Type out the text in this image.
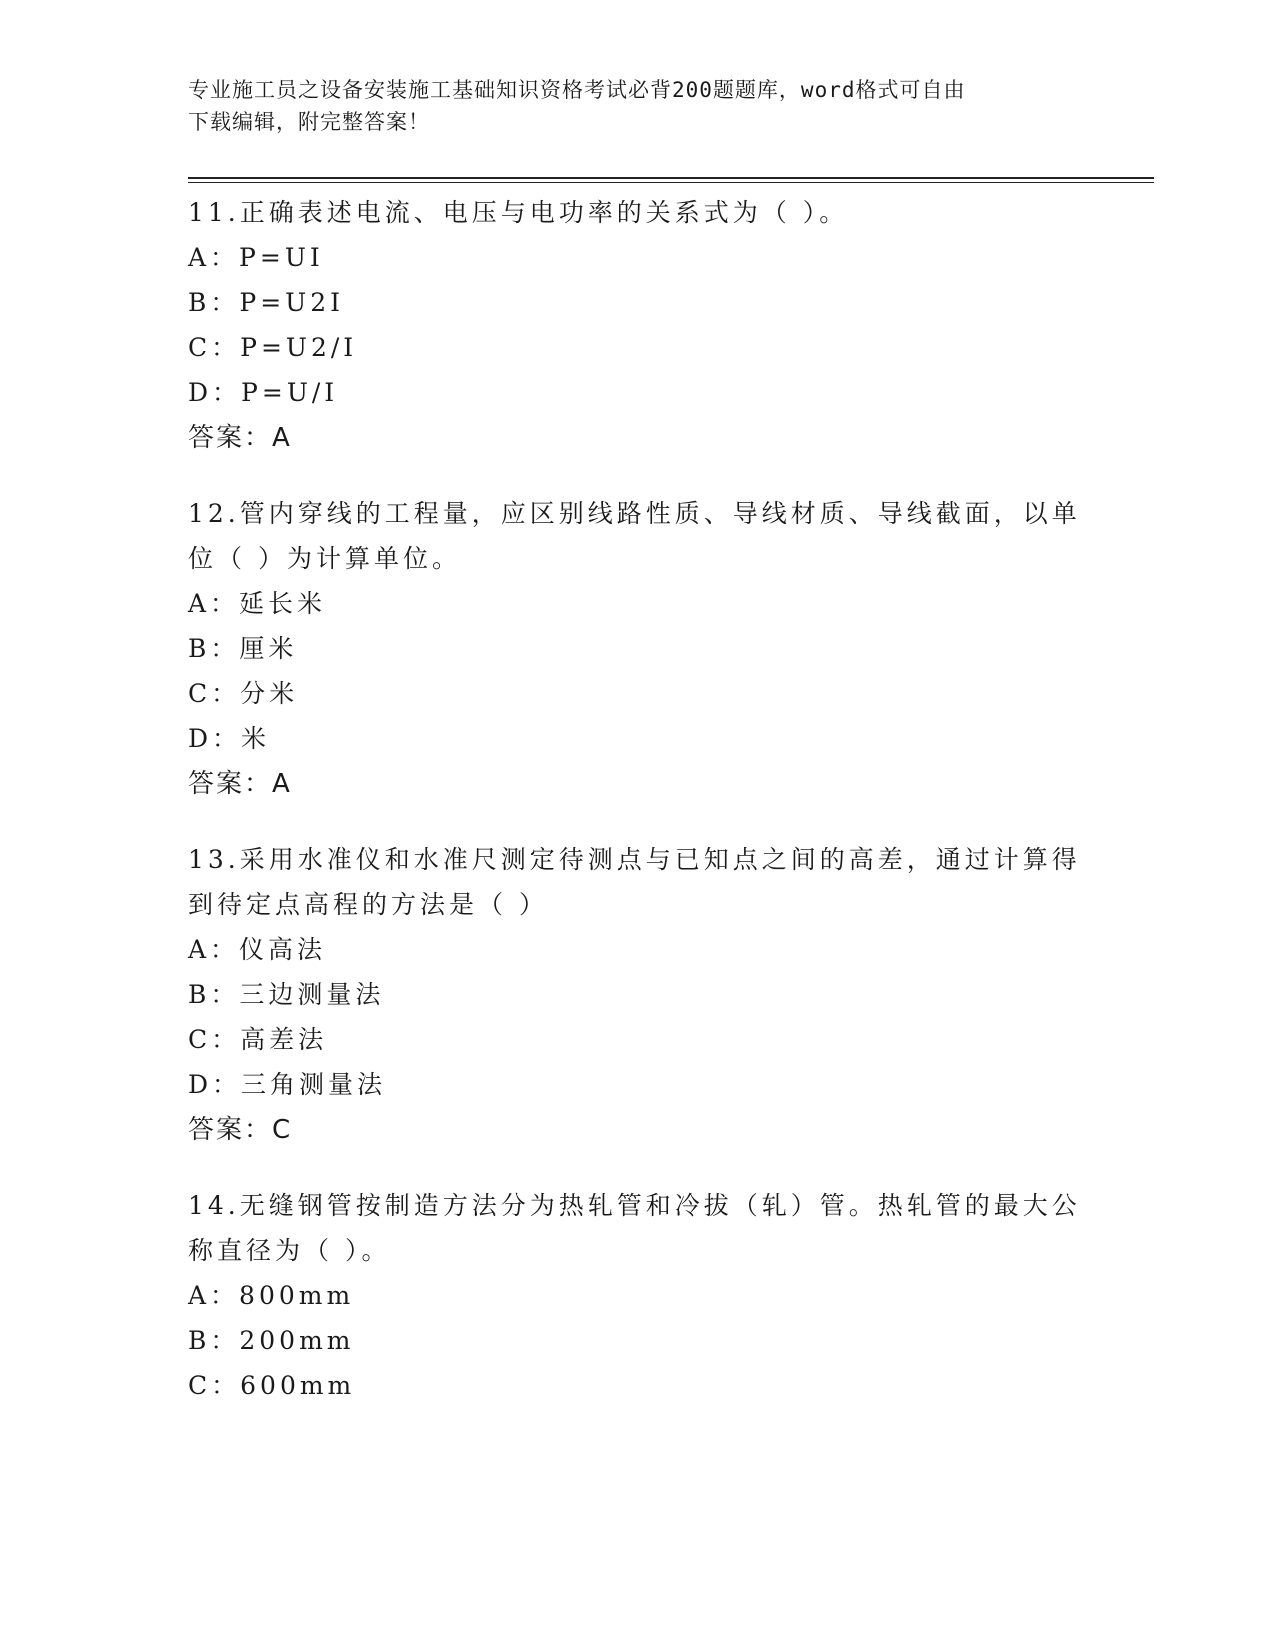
专业施工员之设备安装施工基础知识资格考试必背200题题库，word格式可自由
下载编辑，附完整答案！

11.正确表述电流、电压与电功率的关系式为（ ）。

A：P=UI

B：P=U2I

C：P=U2/I

D：P=U/I

答案：A

12.管内穿线的工程量，应区别线路性质、导线材质、导线截面，以单位（ ）为计算单位。

A：延长米

B：厘米

C：分米

D：米

答案：A

13.采用水准仪和水准尺测定待测点与已知点之间的高差，通过计算得到待定点高程的方法是（ ）

A：仪高法

B：三边测量法

C：高差法

D：三角测量法

答案：C

14.无缝钢管按制造方法分为热轧管和冷拔（轧）管。热轧管的最大公称直径为（ ）。

A：800mm

B：200mm

C：600mm
